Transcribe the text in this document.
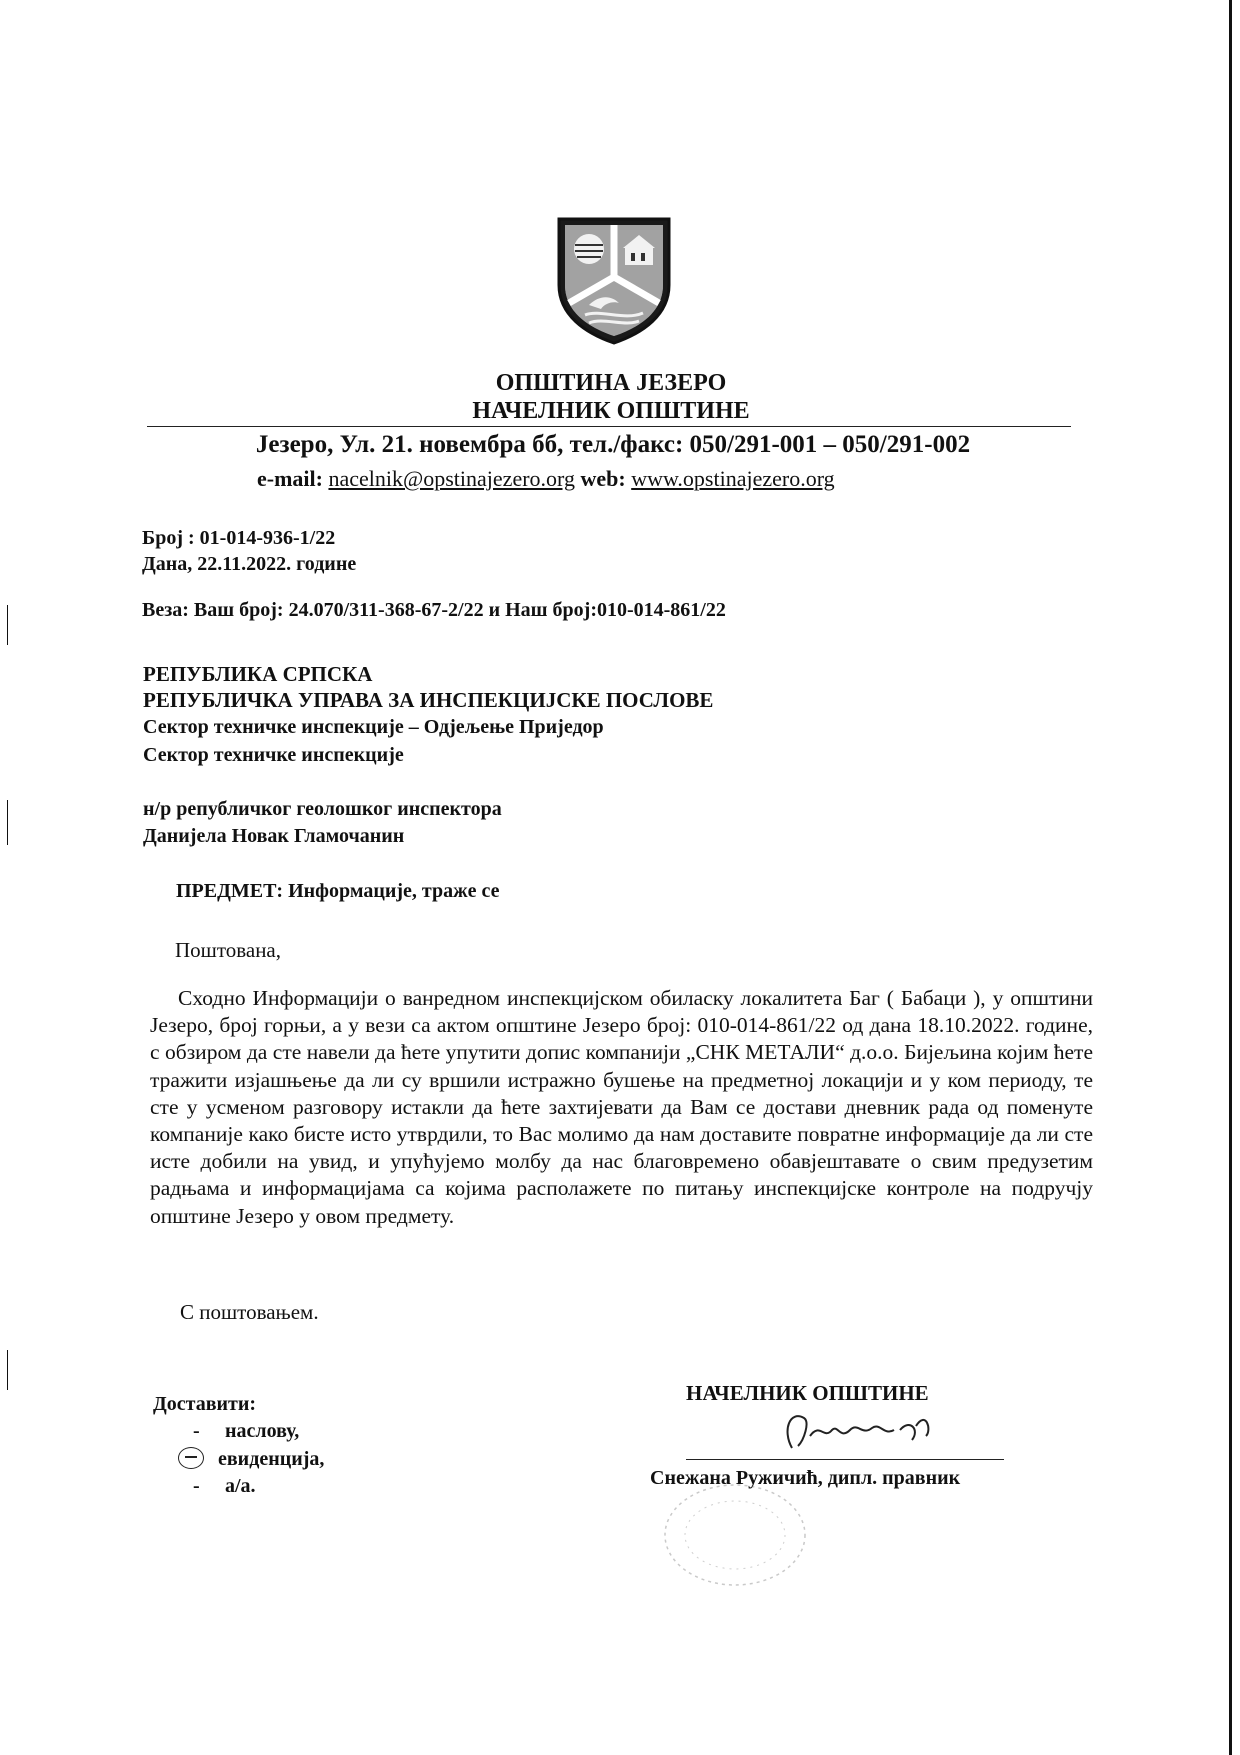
ОПШТИНА ЈЕЗЕРО
НАЧЕЛНИК ОПШТИНЕ
Језеро, Ул. 21. новембра бб, тел./факс: 050/291-001 – 050/291-002
e-mail: nacelnik@opstinajezero.org web: www.opstinajezero.org
Број : 01-014-936-1/22
Дана, 22.11.2022. године
Веза: Ваш број: 24.070/311-368-67-2/22 и Наш број:010-014-861/22
РЕПУБЛИКА СРПСКА
РЕПУБЛИЧКА УПРАВА ЗА ИНСПЕКЦИЈСКЕ ПОСЛОВЕ
Сектор техничке инспекције – Одјељење Приједор
Сектор техничке инспекције
н/р републичког геолошког инспектора
Данијела Новак Гламочанин
ПРЕДМЕТ: Информације, тражe се
Поштована,

Сходно Информацији о ванредном инспекцијском обиласку локалитета Баг ( Бабаци ), у општини Језеро, број горњи, а у вези са актом општине Језеро број: 010-014-861/22 од дана 18.10.2022. године, с обзиром да сте навели да ћете упутити допис компанији „СНК МЕТАЛИ“ д.о.о. Бијељина којим ћете тражити изјашњење да ли су вршили истражно бушење на предметној локацији и у ком периоду, те сте у усменом разговору истакли да ћете захтијевати да Вам се достави дневник рада од поменуте компаније како бисте исто утврдили, то Вас молимо да нам доставите повратне информације да ли сте исте добили на увид, и упућујемо молбу да нас благовремено обавјештавате о свим предузетим радњама и информацијама са којима располажете по питању инспекцијске контроле на подручју општине Језеро у овом предмету.

С поштовањем.
Доставити:
- наслову,
евиденција,
- а/а.
НАЧЕЛНИК ОПШТИНЕ
Снежана Ружичић, дипл. правник
